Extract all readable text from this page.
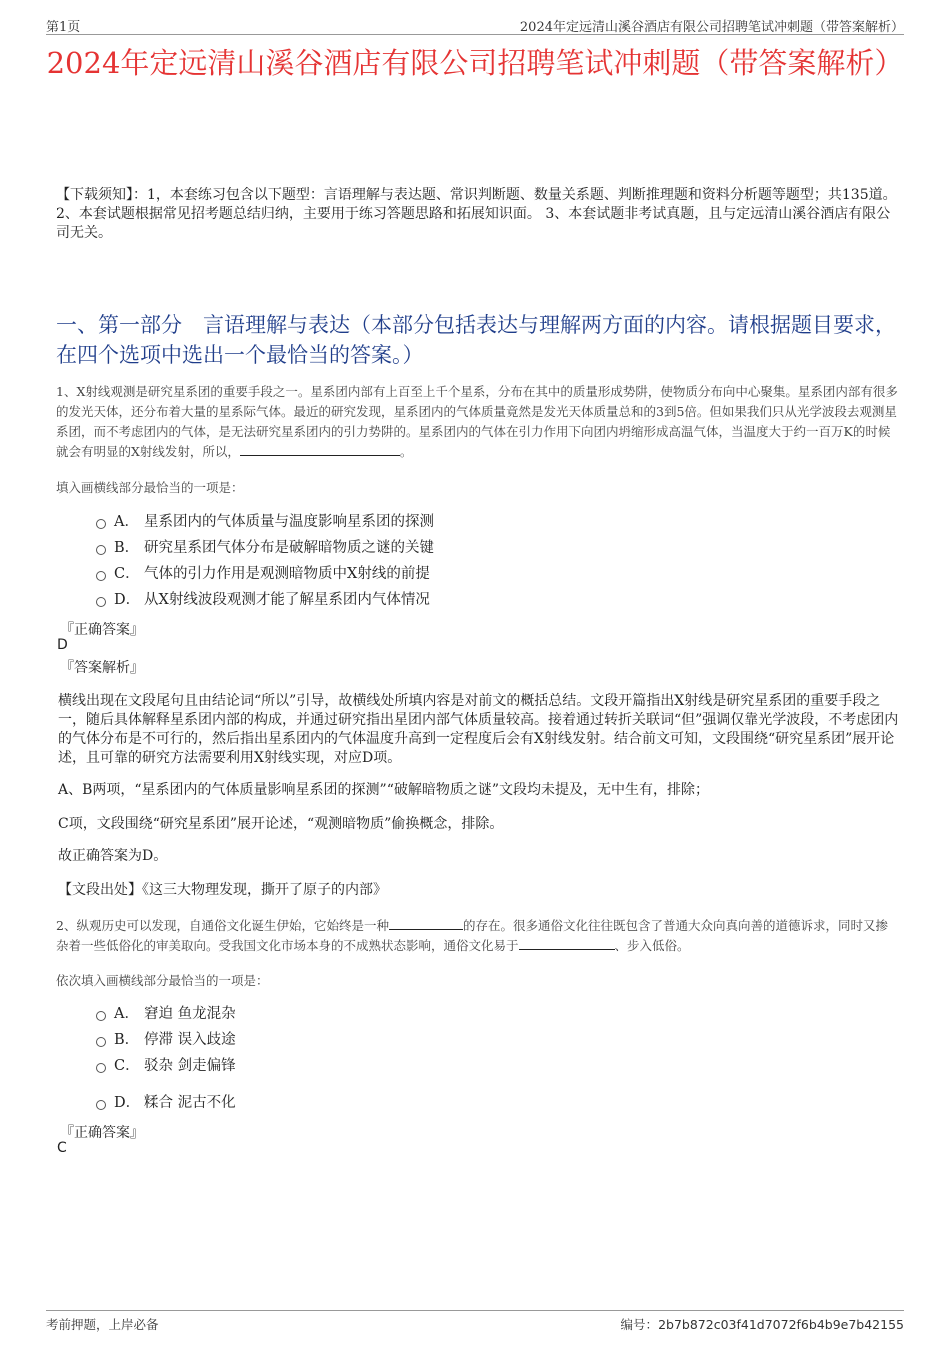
第1页	2024年定远清山溪谷酒店有限公司招聘笔试冲刺题（带答案解析）
2024年定远清山溪谷酒店有限公司招聘笔试冲刺题（带答案解析）
【下载须知】：1，本套练习包含以下题型：言语理解与表达题、常识判断题、数量关系题、判断推理题和资料分析题等题型；共135道。 2、本套试题根据常见招考题总结归纳，主要用于练习答题思路和拓展知识面。 3、本套试题非考试真题，且与定远清山溪谷酒店有限公司无关。
一、第一部分　言语理解与表达（本部分包括表达与理解两方面的内容。请根据题目要求，在四个选项中选出一个最恰当的答案。）
1、X射线观测是研究星系团的重要手段之一。星系团内部有上百至上千个星系，分布在其中的质量形成势阱，使物质分布向中心聚集。星系团内部有很多的发光天体，还分布着大量的星系际气体。最近的研究发现，星系团内的气体质量竟然是发光天体质量总和的3到5倍。但如果我们只从光学波段去观测星系团，而不考虑团内的气体，是无法研究星系团内的引力势阱的。星系团内的气体在引力作用下向团内坍缩形成高温气体，当温度大于约一百万K的时候就会有明显的X射线发射，所以，	。
填入画横线部分最恰当的一项是：
A． 星系团内的气体质量与温度影响星系团的探测
B． 研究星系团气体分布是破解暗物质之谜的关键
C． 气体的引力作用是观测暗物质中X射线的前提
D． 从X射线波段观测才能了解星系团内气体情况
『正确答案』
D
『答案解析』
横线出现在文段尾句且由结论词“所以”引导，故横线处所填内容是对前文的概括总结。文段开篇指出X射线是研究星系团的重要手段之一，随后具体解释星系团内部的构成，并通过研究指出星团内部气体质量较高。接着通过转折关联词“但”强调仅靠光学波段，不考虑团内的气体分布是不可行的，然后指出星系团内的气体温度升高到一定程度后会有X射线发射。结合前文可知，文段围绕“研究星系团”展开论述，且可靠的研究方法需要利用X射线实现，对应D项。
A、B两项，“星系团内的气体质量影响星系团的探测”“破解暗物质之谜”文段均未提及，无中生有，排除；
C项，文段围绕“研究星系团”展开论述，“观测暗物质”偷换概念，排除。
故正确答案为D。
【文段出处】《这三大物理发现，撕开了原子的内部》
2、纵观历史可以发现，自通俗文化诞生伊始，它始终是一种	的存在。很多通俗文化往往既包含了普通大众向真向善的道德诉求，同时又掺杂着一些低俗化的审美取向。受我国文化市场本身的不成熟状态影响，通俗文化易于	、步入低俗。
依次填入画横线部分最恰当的一项是：
A． 窘迫 鱼龙混杂
B． 停滞 误入歧途
C． 驳杂 剑走偏锋
D． 糅合 泥古不化
『正确答案』
C
考前押题，上岸必备	编号：2b7b872c03f41d7072f6b4b9e7b42155
